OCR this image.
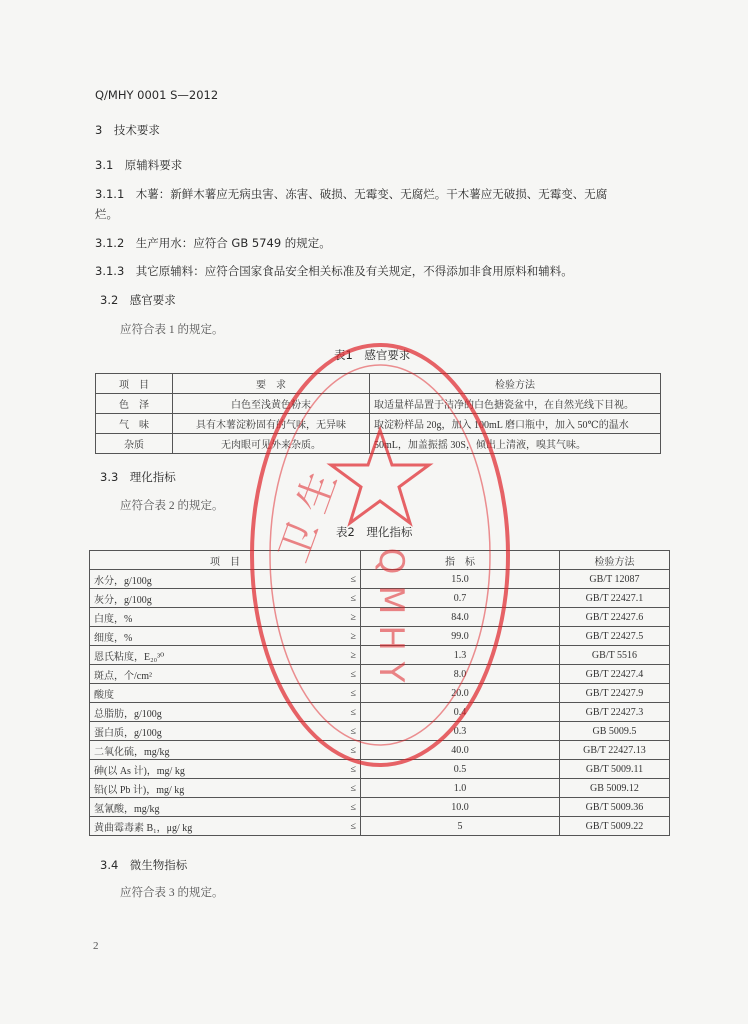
Q/MHY 0001 S—2012
3　技术要求
3.1　原辅料要求
3.1.1　木薯：新鲜木薯应无病虫害、冻害、破损、无霉变、无腐烂。干木薯应无破损、无霉变、无腐
烂。
3.1.2　生产用水：应符合 GB 5749 的规定。
3.1.3　其它原辅料：应符合国家食品安全相关标准及有关规定，不得添加非食用原料和辅料。
3.2　感官要求
应符合表 1 的规定。
表1　感官要求
项　目	要　求	检验方法
色　泽	白色至浅黄色粉末	取适量样品置于洁净的白色搪瓷盆中，在自然光线下目视。
气　味	具有木薯淀粉固有的气味，无异味	取淀粉样品 20g，加入 100mL 磨口瓶中，加入 50℃的温水
杂质	无肉眼可见外来杂质。	50mL，加盖振摇 30S，倾出上清液，嗅其气味。
3.3　理化指标
应符合表 2 的规定。
表2　理化指标
项　目		指　标	检验方法
水分，g/100g	≤	15.0	GB/T 12087
灰分，g/100g	≤	0.7	GB/T 22427.1
白度，%	≥	84.0	GB/T 22427.6
细度，%	≥	99.0	GB/T 22427.5
恩氏粘度，E₂₀³⁰	≥	1.3	GB/T 5516
斑点，个/cm²	≤	8.0	GB/T 22427.4
酸度	≤	20.0	GB/T 22427.9
总脂肪，g/100g	≤	0.4	GB/T 22427.3
蛋白质，g/100g	≤	0.3	GB 5009.5
二氧化硫，mg/kg	≤	40.0	GB/T 22427.13
砷(以 As 计)，mg/ kg	≤	0.5	GB/T 5009.11
铅(以 Pb 计)，mg/ kg	≤	1.0	GB 5009.12
氢氰酸，mg/kg	≤	10.0	GB/T 5009.36
黄曲霉毒素 B₁，μg/ kg	≤	5	GB/T 5009.22
3.4　微生物指标
应符合表 3 的规定。
2
Q M H Y
卫 生
